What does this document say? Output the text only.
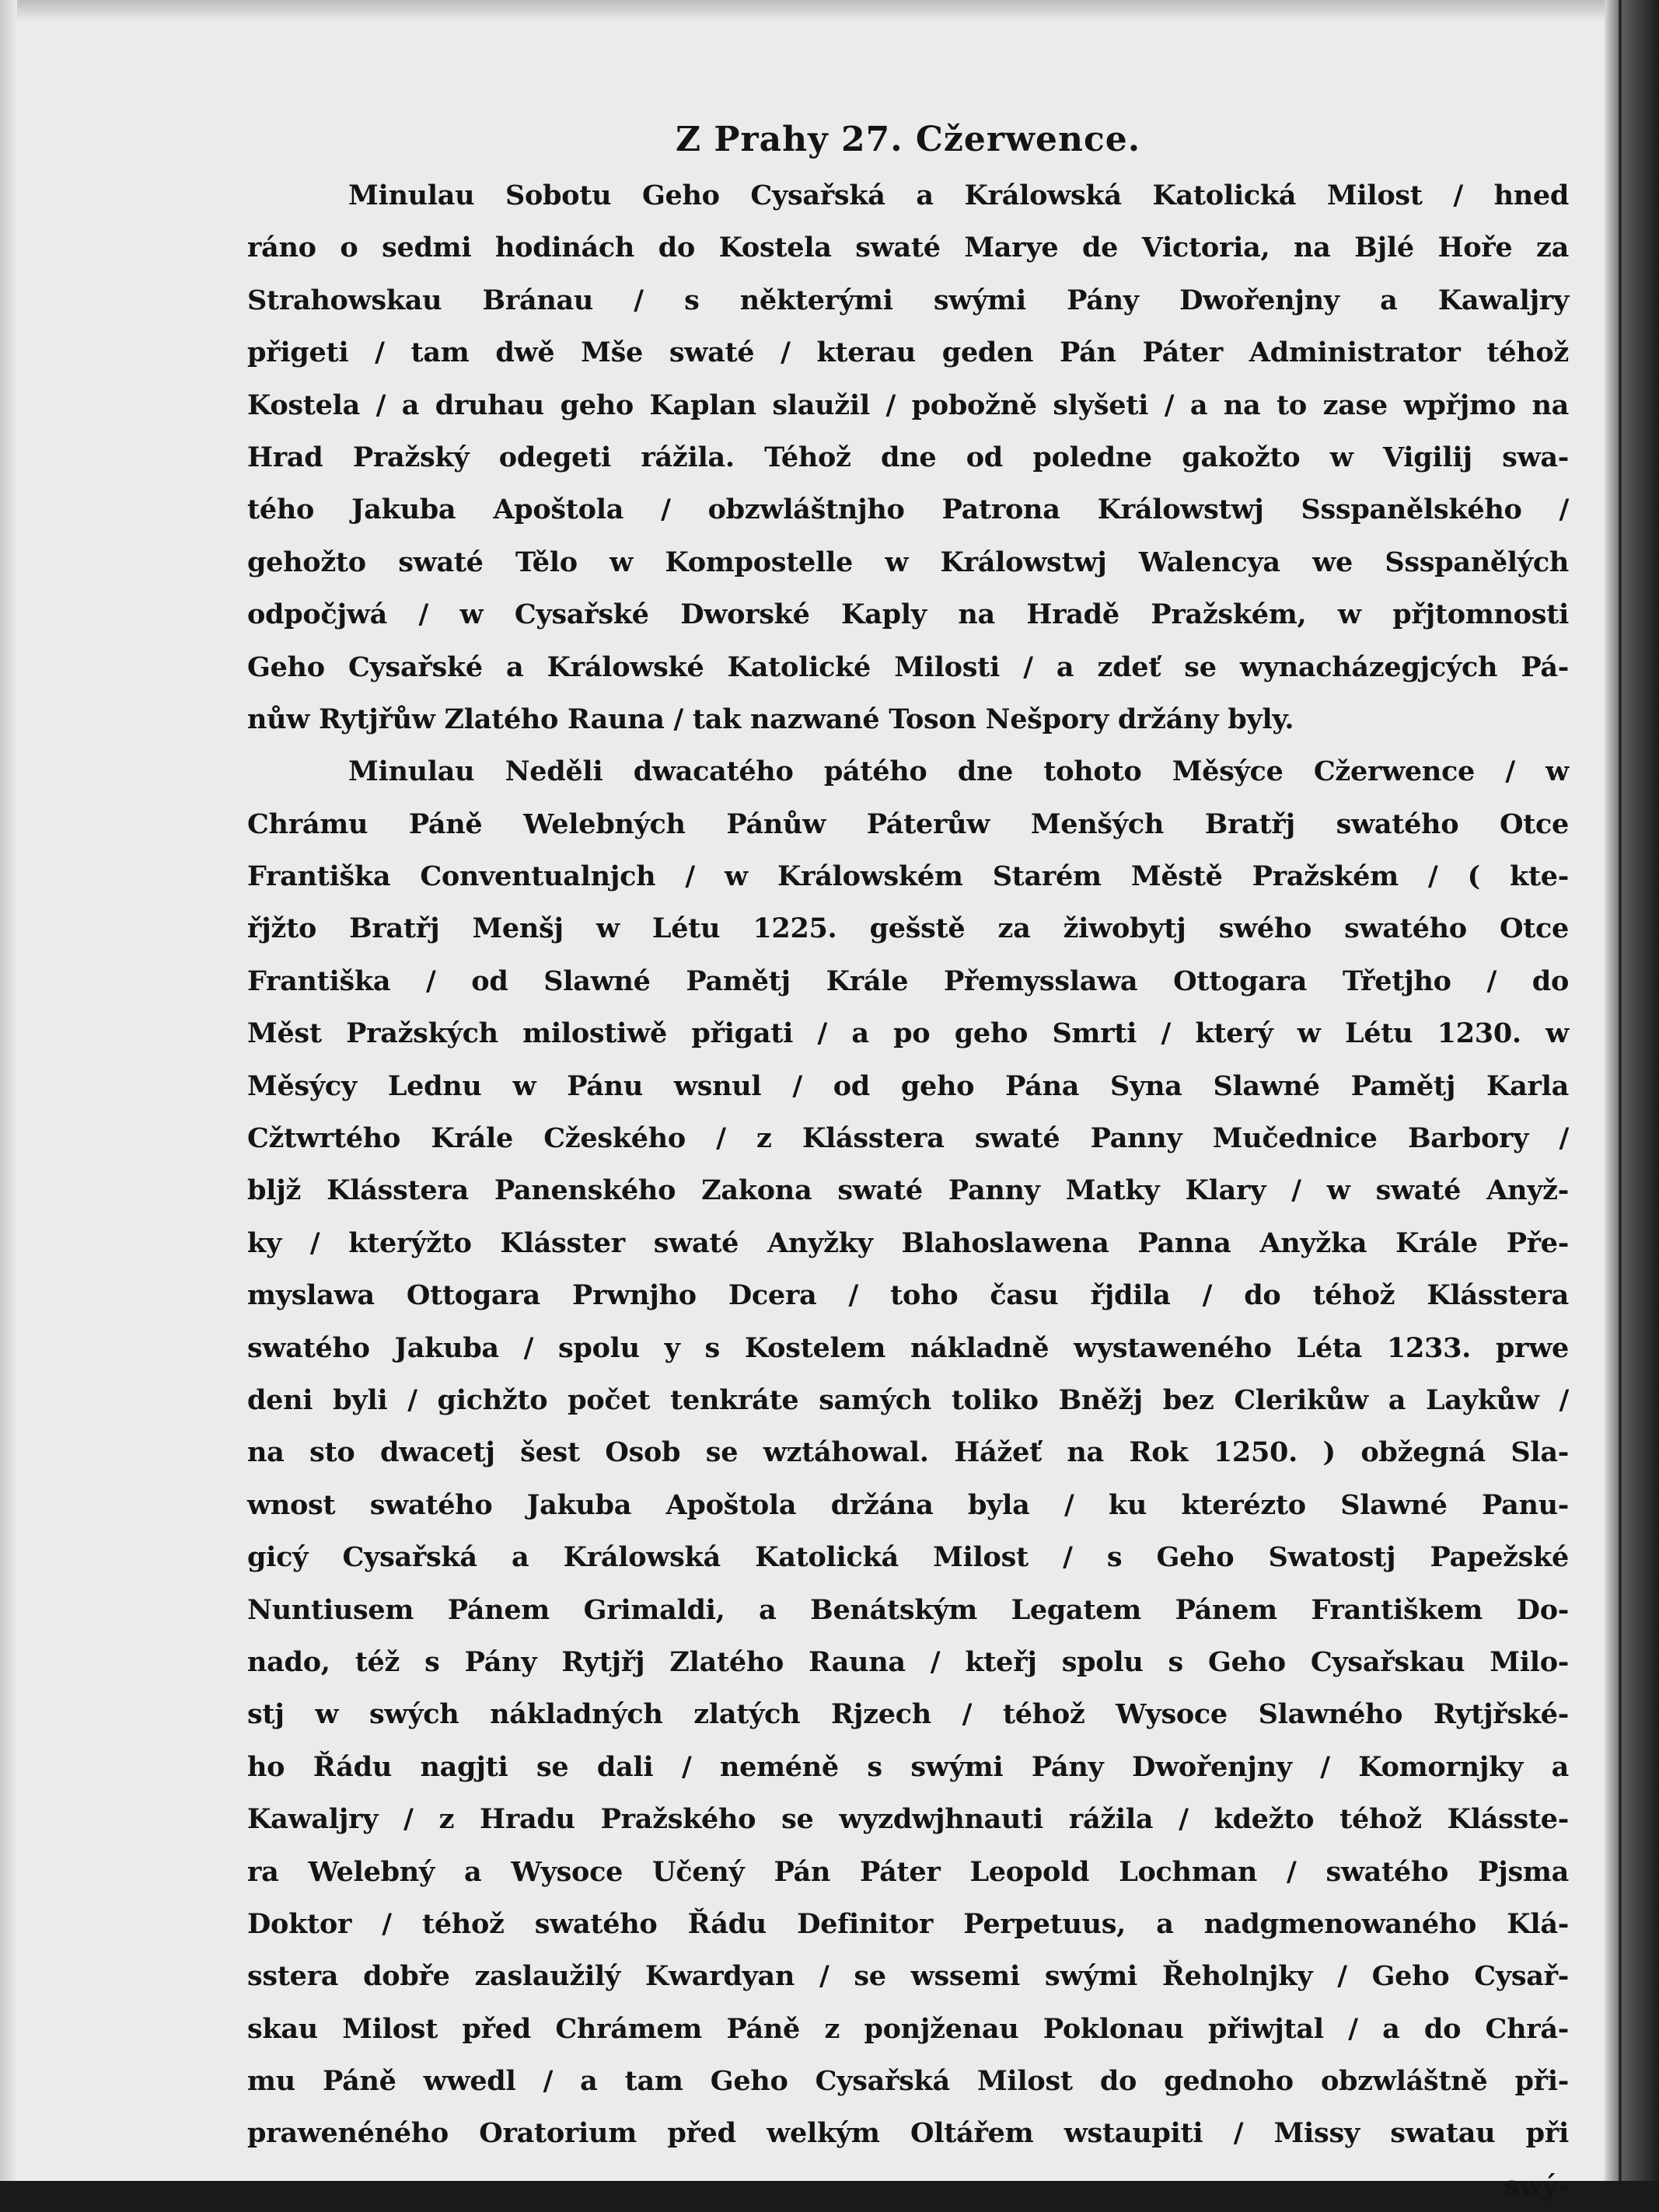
Z Prahy 27. Cžerwence.
Minulau Sobotu Geho Cysařská a Králowská Katolická Milost / hned
ráno o sedmi hodinách do Kostela swaté Marye de Victoria, na Bjlé Hoře za
Strahowskau Bránau / s některými swými Pány Dwořenjny a Kawaljry
přigeti / tam dwě Mše swaté / kterau geden Pán Páter Administrator téhož
Kostela / a druhau geho Kaplan slaužil / pobožně slyšeti / a na to zase wpřjmo na
Hrad Pražský odegeti rážila. Téhož dne od poledne gakožto w Vigilij swa-
tého Jakuba Apoštola / obzwláštnjho Patrona Králowstwj Ssspanělského /
gehožto swaté Tělo w Kompostelle w Králowstwj Walencya we Ssspanělých
odpočjwá / w Cysařské Dworské Kaply na Hradě Pražském, w přjtomnosti
Geho Cysařské a Králowské Katolické Milosti / a zdeť se wynacházegjcých Pá-
nůw Rytjřůw Zlatého Rauna / tak nazwané Toson Nešpory držány byly.
Minulau Neděli dwacatého pátého dne tohoto Měsýce Cžerwence / w
Chrámu Páně Welebných Pánůw Páterůw Menšých Bratřj swatého Otce
Františka Conventualnjch / w Králowském Starém Městě Pražském / ( kte-
řjžto Bratřj Menšj w Létu 1225. gešstě za žiwobytj swého swatého Otce
Františka / od Slawné Pamětj Krále Přemysslawa Ottogara Třetjho / do
Měst Pražských milostiwě přigati / a po geho Smrti / který w Létu 1230. w
Měsýcy Lednu w Pánu wsnul / od geho Pána Syna Slawné Pamětj Karla
Cžtwrtého Krále Cžeského / z Klásstera swaté Panny Mučednice Barbory /
blјž Klásstera Panenského Zakona swaté Panny Matky Klary / w swaté Anyž-
ky / kterýžto Klásster swaté Anyžky Blahoslawena Panna Anyžka Krále Pře-
myslawa Ottogara Prwnjho Dcera / toho času řjdila / do téhož Klásstera
swatého Jakuba / spolu y s Kostelem nákladně wystaweného Léta 1233. prwe
deni byli / gichžto počet tenkráte samých toliko Bněžj bez Clerikůw a Laykůw /
na sto dwacetj šest Osob se wztáhowal. Hážeť na Rok 1250. ) obžegná Sla-
wnost swatého Jakuba Apoštola držána byla / ku kterézto Slawné Panu-
gicý Cysařská a Králowská Katolická Milost / s Geho Swatostj Papežské
Nuntiusem Pánem Grimaldi, a Benátským Legatem Pánem Františkem Do-
nado, též s Pány Rytjřj Zlatého Rauna / kteřj spolu s Geho Cysařskau Milo-
stj w swých nákladných zlatých Rjzech / téhož Wysoce Slawného Rytjřské-
ho Řádu nagjti se dali / neméně s swými Pány Dwořenjny / Komornjky a
Kawaljry / z Hradu Pražského se wyzdwjhnauti rážila / kdežto téhož Klásste-
ra Welebný a Wysoce Učený Pán Páter Leopold Lochman / swatého Pjsma
Doktor / téhož swatého Řádu Definitor Perpetuus, a nadgmenowaného Klá-
sstera dobře zaslaužilý Kwardyan / se wssemi swými Řeholnjky / Geho Cysař-
skau Milost před Chrámem Páně z ponjženau Poklonau přiwjtal / a do Chrá-
mu Páně wwedl / a tam Geho Cysařská Milost do gednoho obzwláštně při-
prawenéného Oratorium před welkým Oltářem wstaupiti / Missy swatau při
swý-
